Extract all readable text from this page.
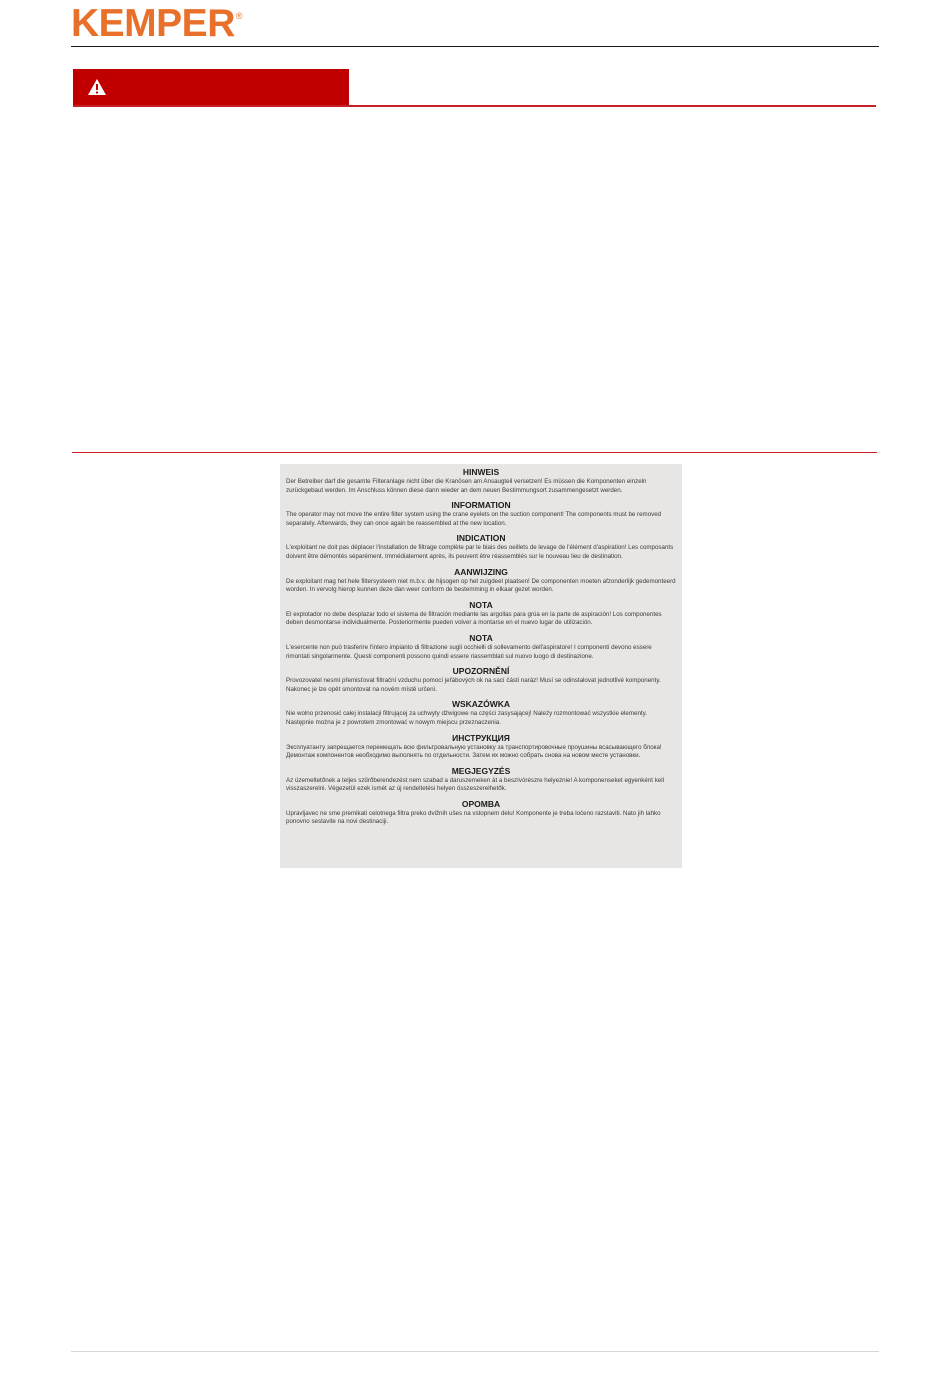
KEMPER ®
HINWEIS
Der Betreiber darf die gesamte Filteranlage nicht über die Kranösen am Ansaugteil versetzen! Es müssen die Komponenten einzeln zurückgebaut werden. Im Anschluss können diese dann wieder an dem neuen Bestimmungsort zusammengesetzt werden.
INFORMATION
The operator may not move the entire filter system using the crane eyelets on the suction component! The components must be removed separately. Afterwards, they can once again be reassembled at the new location.
INDICATION
L'exploitant ne doit pas déplacer l'installation de filtrage complète par le biais des oeillets de levage de l'élément d'aspiration! Les composants doivent être démontés séparément. Immédiatement après, ils peuvent être réassemblés sur le nouveau lieu de destination.
AANWIJZING
De exploitant mag het hele filtersysteem niet m.b.v. de hijsogen op het zuigdeel plaatsen! De componenten moeten afzonderlijk gedemonteerd worden. In vervolg hierop kunnen deze dan weer conform de bestemming in elkaar gezet worden.
NOTA
El explotador no debe desplazar todo el sistema de filtración mediante las argollas para grúa en la parte de aspiración! Los componentes deben desmontarse individualmente. Posteriormente pueden volver a montarse en el nuevo lugar de utilización.
NOTA
L'esercente non può trasferire l'intero impianto di filtrazione sugli occhielli di sollevamento dell'aspiratore! I componenti devono essere rimontati singolarmente. Questi componenti possono quindi essere riassemblati sul nuovo luogo di destinazione.
UPOZORNĚNÍ
Provozovatel nesmí přemisťovat filtrační vzduchu pomocí jeřábových ok na sací části naráz! Musí se odinstalovat jednotlivé komponenty. Nakonec je lze opět smontovat na novém místě určení.
WSKAZÓWKA
Nie wolno przenosić całej instalacji filtrującej za uchwyty dźwigowe na części zasysającej! Należy rozmontować wszystkie elementy. Następnie można je z powrotem zmontować w nowym miejscu przeznaczenia.
ИНСТРУКЦИЯ
Эксплуатанту запрещается перемещать всю фильтровальную установку за транспортировочные проушины всасывающего блока! Демонтаж компонентов необходимо выполнять по отдельности. Затем их можно собрать снова на новом месте установки.
MEGJEGYZÉS
Az üzemeltetőnek a teljes szűrőberendezést nem szabad a daruszemeken át a beszívórészre helyeznie! A komponenseket egyenként kell visszaszerelni. Végezetül ezek ismét az új rendeltetési helyen összeszerelhetők.
OPOMBA
Upravljavec ne sme premikati celotnega filtra preko dvižnih ušes na vstopnem delu! Komponente je treba ločeno razstaviti. Nato jih lahko ponovno sestavite na novi destinaciji.
